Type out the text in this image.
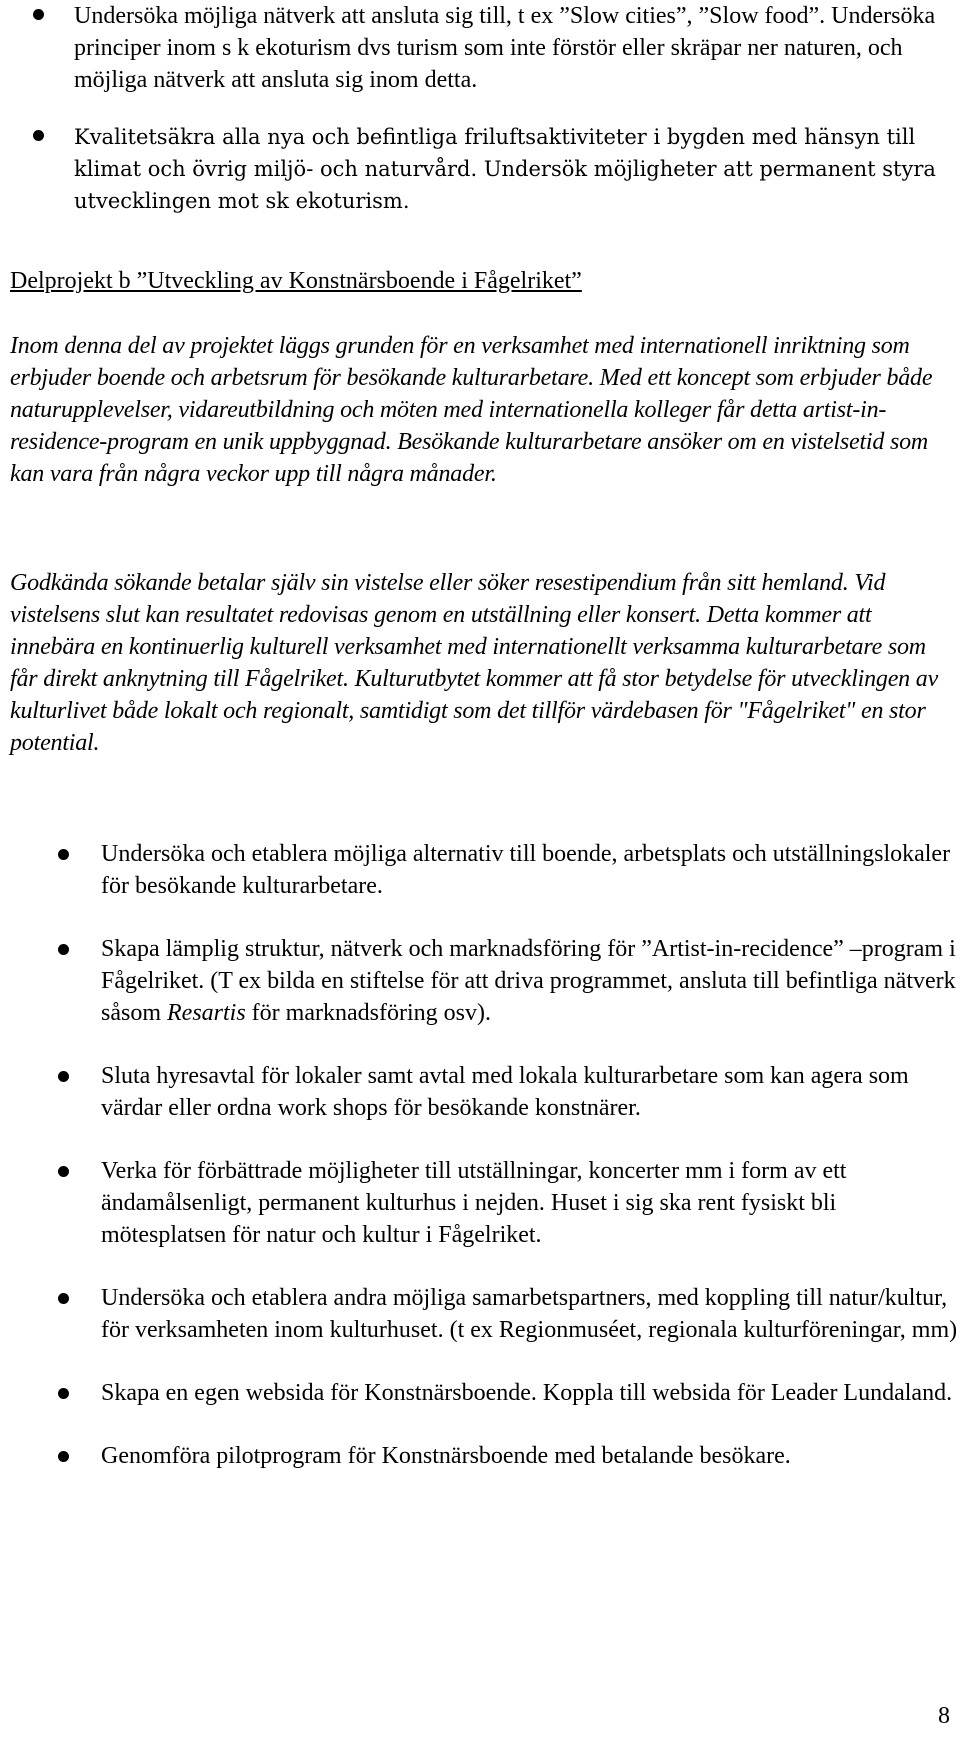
Undersöka möjliga nätverk att ansluta sig till, t ex ”Slow cities”, ”Slow food”. Undersöka principer inom s k ekoturism dvs turism som inte förstör eller skräpar ner naturen, och möjliga nätverk att ansluta sig inom detta.
Kvalitetsäkra alla nya och befintliga friluftsaktiviteter i bygden med hänsyn till klimat och övrig miljö- och naturvård. Undersök möjligheter att permanent styra utvecklingen mot sk ekoturism.
Delprojekt b ”Utveckling av Konstnärsboende i Fågelriket”

Inom denna del av projektet läggs grunden för en verksamhet med internationell inriktning som erbjuder boende och arbetsrum för besökande kulturarbetare. Med ett koncept som erbjuder både naturupplevelser, vidareutbildning och möten med internationella kolleger får detta artist-in-residence-program en unik uppbyggnad. Besökande kulturarbetare ansöker om en vistelsetid som kan vara från några veckor upp till några månader.

Godkända sökande betalar själv sin vistelse eller söker resestipendium från sitt hemland. Vid vistelsens slut kan resultatet redovisas genom en utställning eller konsert. Detta kommer att innebära en kontinuerlig kulturell verksamhet med internationellt verksamma kulturarbetare som får direkt anknytning till Fågelriket. Kulturutbytet kommer att få stor betydelse för utvecklingen av kulturlivet både lokalt och regionalt, samtidigt som det tillför värdebasen för "Fågelriket" en stor potential.

Undersöka och etablera möjliga alternativ till boende, arbetsplats och utställningslokaler för besökande kulturarbetare.
Skapa lämplig struktur, nätverk och marknadsföring för ”Artist-in-recidence” –program i Fågelriket. (T ex bilda en stiftelse för att driva programmet, ansluta till befintliga nätverk såsom Resartis för marknadsföring osv).
Sluta hyresavtal för lokaler samt avtal med lokala kulturarbetare som kan agera som värdar eller ordna work shops för besökande konstnärer.
Verka för förbättrade möjligheter till utställningar, koncerter mm i form av ett ändamålsenligt, permanent kulturhus i nejden. Huset i sig ska rent fysiskt bli mötesplatsen för natur och kultur i Fågelriket.
Undersöka och etablera andra möjliga samarbetspartners, med koppling till natur/kultur, för verksamheten inom kulturhuset. (t ex Regionmuséet, regionala kulturföreningar, mm)
Skapa en egen websida för Konstnärsboende. Koppla till websida för Leader Lundaland.
Genomföra pilotprogram för Konstnärsboende med betalande besökare.
8
